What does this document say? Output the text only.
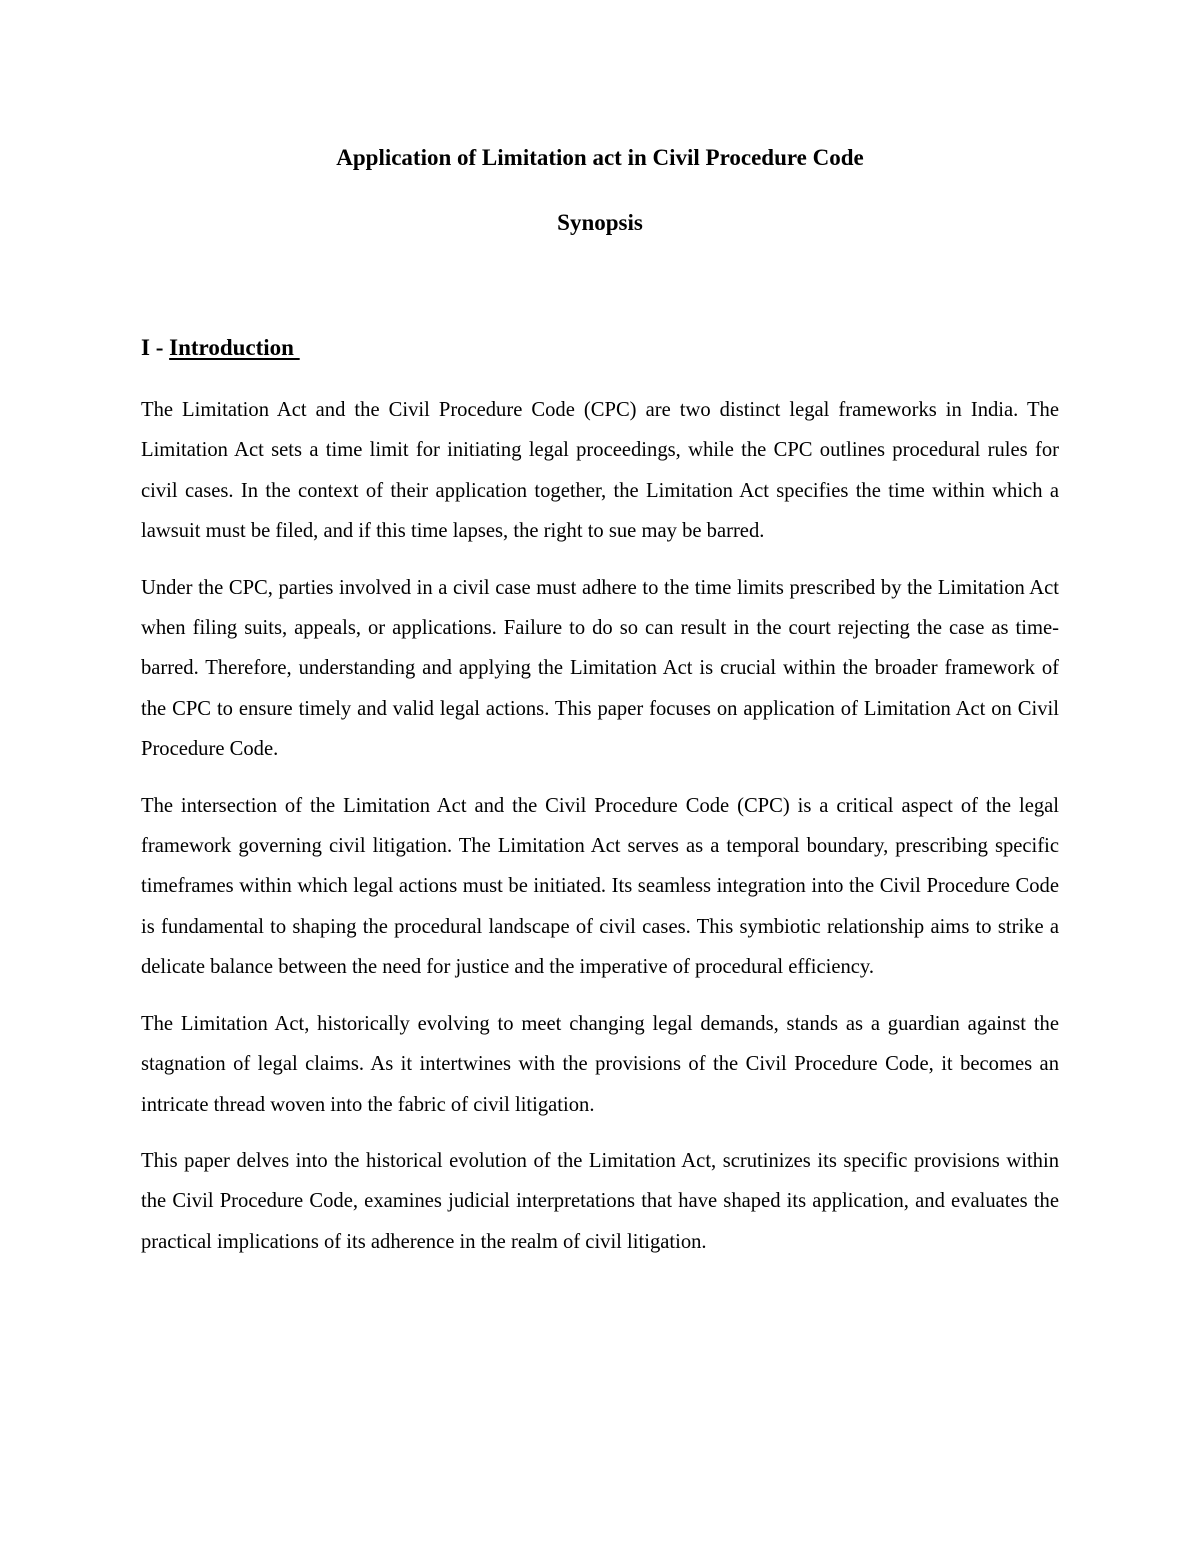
Application of Limitation act in Civil Procedure Code
Synopsis
I - Introduction

The Limitation Act and the Civil Procedure Code (CPC) are two distinct legal frameworks in India. The Limitation Act sets a time limit for initiating legal proceedings, while the CPC outlines procedural rules for civil cases. In the context of their application together, the Limitation Act specifies the time within which a lawsuit must be filed, and if this time lapses, the right to sue may be barred.

Under the CPC, parties involved in a civil case must adhere to the time limits prescribed by the Limitation Act when filing suits, appeals, or applications. Failure to do so can result in the court rejecting the case as time-barred. Therefore, understanding and applying the Limitation Act is crucial within the broader framework of the CPC to ensure timely and valid legal actions. This paper focuses on application of Limitation Act on Civil Procedure Code.

The intersection of the Limitation Act and the Civil Procedure Code (CPC) is a critical aspect of the legal framework governing civil litigation. The Limitation Act serves as a temporal boundary, prescribing specific timeframes within which legal actions must be initiated. Its seamless integration into the Civil Procedure Code is fundamental to shaping the procedural landscape of civil cases. This symbiotic relationship aims to strike a delicate balance between the need for justice and the imperative of procedural efficiency.

The Limitation Act, historically evolving to meet changing legal demands, stands as a guardian against the stagnation of legal claims. As it intertwines with the provisions of the Civil Procedure Code, it becomes an intricate thread woven into the fabric of civil litigation.

This paper delves into the historical evolution of the Limitation Act, scrutinizes its specific provisions within the Civil Procedure Code, examines judicial interpretations that have shaped its application, and evaluates the practical implications of its adherence in the realm of civil litigation.
